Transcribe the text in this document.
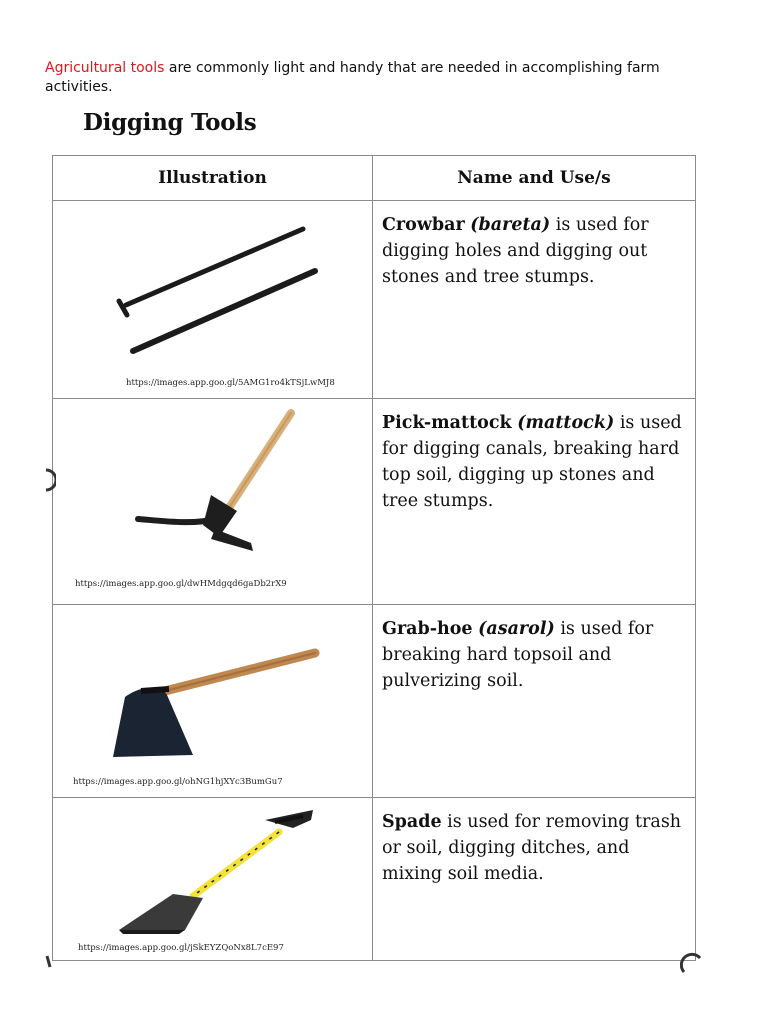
Agricultural tools are commonly light and handy that are needed in accomplishing farm activities.

Digging Tools
Illustration	Name and Use/s
https://images.app.goo.gl/5AMG1ro4kTSjLwMJ8
Crowbar (bareta) is used for digging holes and digging out stones and tree stumps.
https://images.app.goo.gl/dwHMdgqd6gaDb2rX9
Pick-mattock (mattock) is used for digging canals, breaking hard top soil, digging up stones and tree stumps.
https://images.app.goo.gl/ohNG1hjXYc3BumGu7
Grab-hoe (asarol) is used for breaking hard topsoil and pulverizing soil.
https://images.app.goo.gl/jSkEYZQoNx8L7cE97
Spade is used for removing trash or soil, digging ditches, and mixing soil media.
